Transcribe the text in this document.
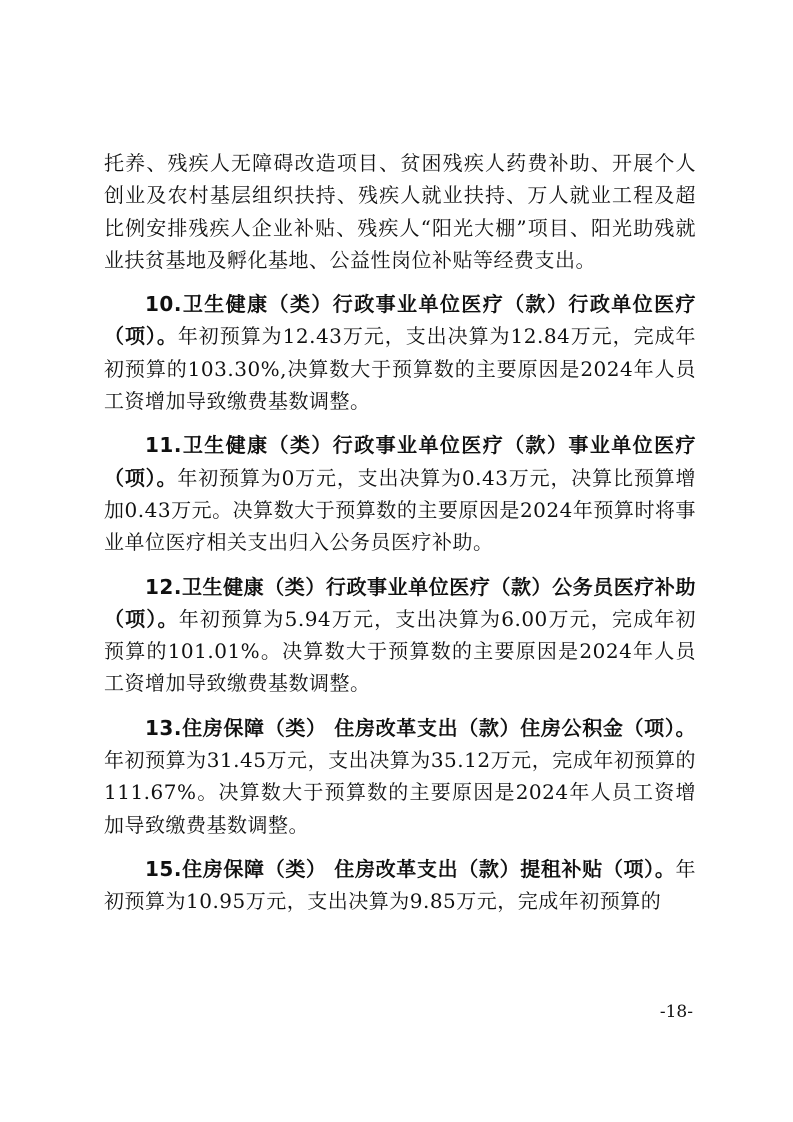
托养、残疾人无障碍改造项目、贫困残疾人药费补助、开展个人创业及农村基层组织扶持、残疾人就业扶持、万人就业工程及超比例安排残疾人企业补贴、残疾人“阳光大棚”项目、阳光助残就业扶贫基地及孵化基地、公益性岗位补贴等经费支出。

10.卫生健康（类）行政事业单位医疗（款）行政单位医疗（项）。年初预算为12.43万元，支出决算为12.84万元，完成年初预算的103.30%,决算数大于预算数的主要原因是2024年人员工资增加导致缴费基数调整。

11.卫生健康（类）行政事业单位医疗（款）事业单位医疗（项）。年初预算为0万元，支出决算为0.43万元，决算比预算增加0.43万元。决算数大于预算数的主要原因是2024年预算时将事业单位医疗相关支出归入公务员医疗补助。

12.卫生健康（类）行政事业单位医疗（款）公务员医疗补助（项）。年初预算为5.94万元，支出决算为6.00万元，完成年初预算的101.01%。决算数大于预算数的主要原因是2024年人员工资增加导致缴费基数调整。

13.住房保障（类） 住房改革支出（款）住房公积金（项）。年初预算为31.45万元，支出决算为35.12万元，完成年初预算的111.67%。决算数大于预算数的主要原因是2024年人员工资增加导致缴费基数调整。

15.住房保障（类） 住房改革支出（款）提租补贴（项）。年初预算为10.95万元，支出决算为9.85万元，完成年初预算的

-18-
